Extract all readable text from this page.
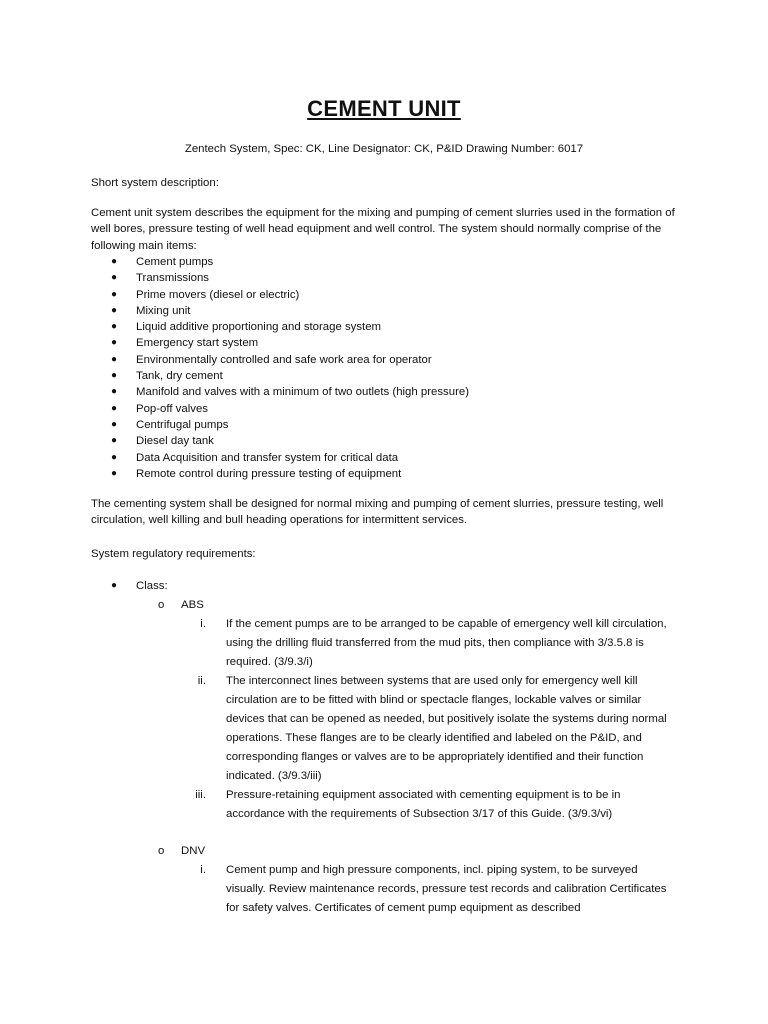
CEMENT UNIT
Zentech System, Spec: CK, Line Designator: CK, P&ID Drawing Number: 6017
Short system description:
Cement unit system describes the equipment for the mixing and pumping of cement slurries used in the formation of well bores, pressure testing of well head equipment and well control. The system should normally comprise of the following main items:
● Cement pumps
● Transmissions
● Prime movers (diesel or electric)
● Mixing unit
● Liquid additive proportioning and storage system
● Emergency start system
● Environmentally controlled and safe work area for operator
● Tank, dry cement
● Manifold and valves with a minimum of two outlets (high pressure)
● Pop-off valves
● Centrifugal pumps
● Diesel day tank
● Data Acquisition and transfer system for critical data
● Remote control during pressure testing of equipment
The cementing system shall be designed for normal mixing and pumping of cement slurries, pressure testing, well circulation, well killing and bull heading operations for intermittent services.
System regulatory requirements:
● Class:
o ABS
i. If the cement pumps are to be arranged to be capable of emergency well kill circulation, using the drilling fluid transferred from the mud pits, then compliance with 3/3.5.8 is required. (3/9.3/i)
ii. The interconnect lines between systems that are used only for emergency well kill circulation are to be fitted with blind or spectacle flanges, lockable valves or similar devices that can be opened as needed, but positively isolate the systems during normal operations. These flanges are to be clearly identified and labeled on the P&ID, and corresponding flanges or valves are to be appropriately identified and their function indicated. (3/9.3/iii)
iii. Pressure-retaining equipment associated with cementing equipment is to be in accordance with the requirements of Subsection 3/17 of this Guide. (3/9.3/vi)
o DNV
i. Cement pump and high pressure components, incl. piping system, to be surveyed visually. Review maintenance records, pressure test records and calibration Certificates for safety valves. Certificates of cement pump equipment as described
